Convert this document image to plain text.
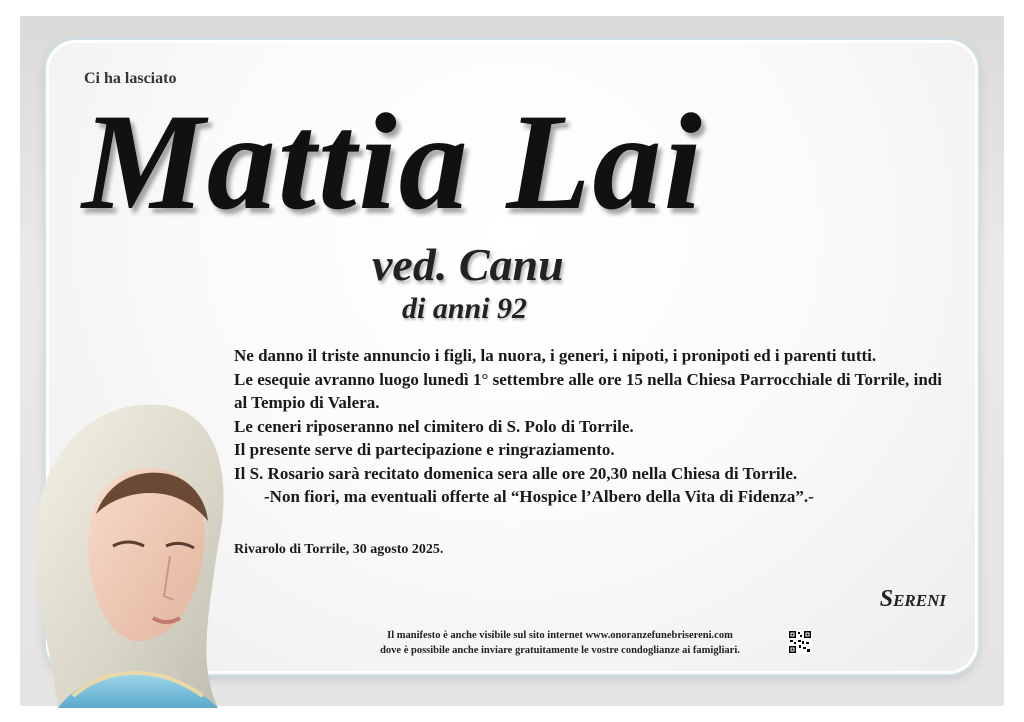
Ci ha lasciato
Mattia Lai
ved. Canu
di anni 92

Ne danno il triste annuncio i figli, la nuora, i generi, i nipoti, i pronipoti ed i parenti tutti.

Le esequie avranno luogo lunedì 1° settembre alle ore 15 nella Chiesa Parrocchiale di Torrile, indi al Tempio di Valera.

Le ceneri riposeranno nel cimitero di S. Polo di Torrile.

Il presente serve di partecipazione e ringraziamento.

Il S. Rosario sarà recitato domenica sera alle ore 20,30 nella Chiesa di Torrile.

-Non fiori, ma eventuali offerte al “Hospice l’Albero della Vita di Fidenza”.-

Rivarolo di Torrile, 30 agosto 2025.
Sereni
Il manifesto è anche visibile sul sito internet www.onoranzefunebrisereni.com
dove è possibile anche inviare gratuitamente le vostre condoglianze ai famigliari.
